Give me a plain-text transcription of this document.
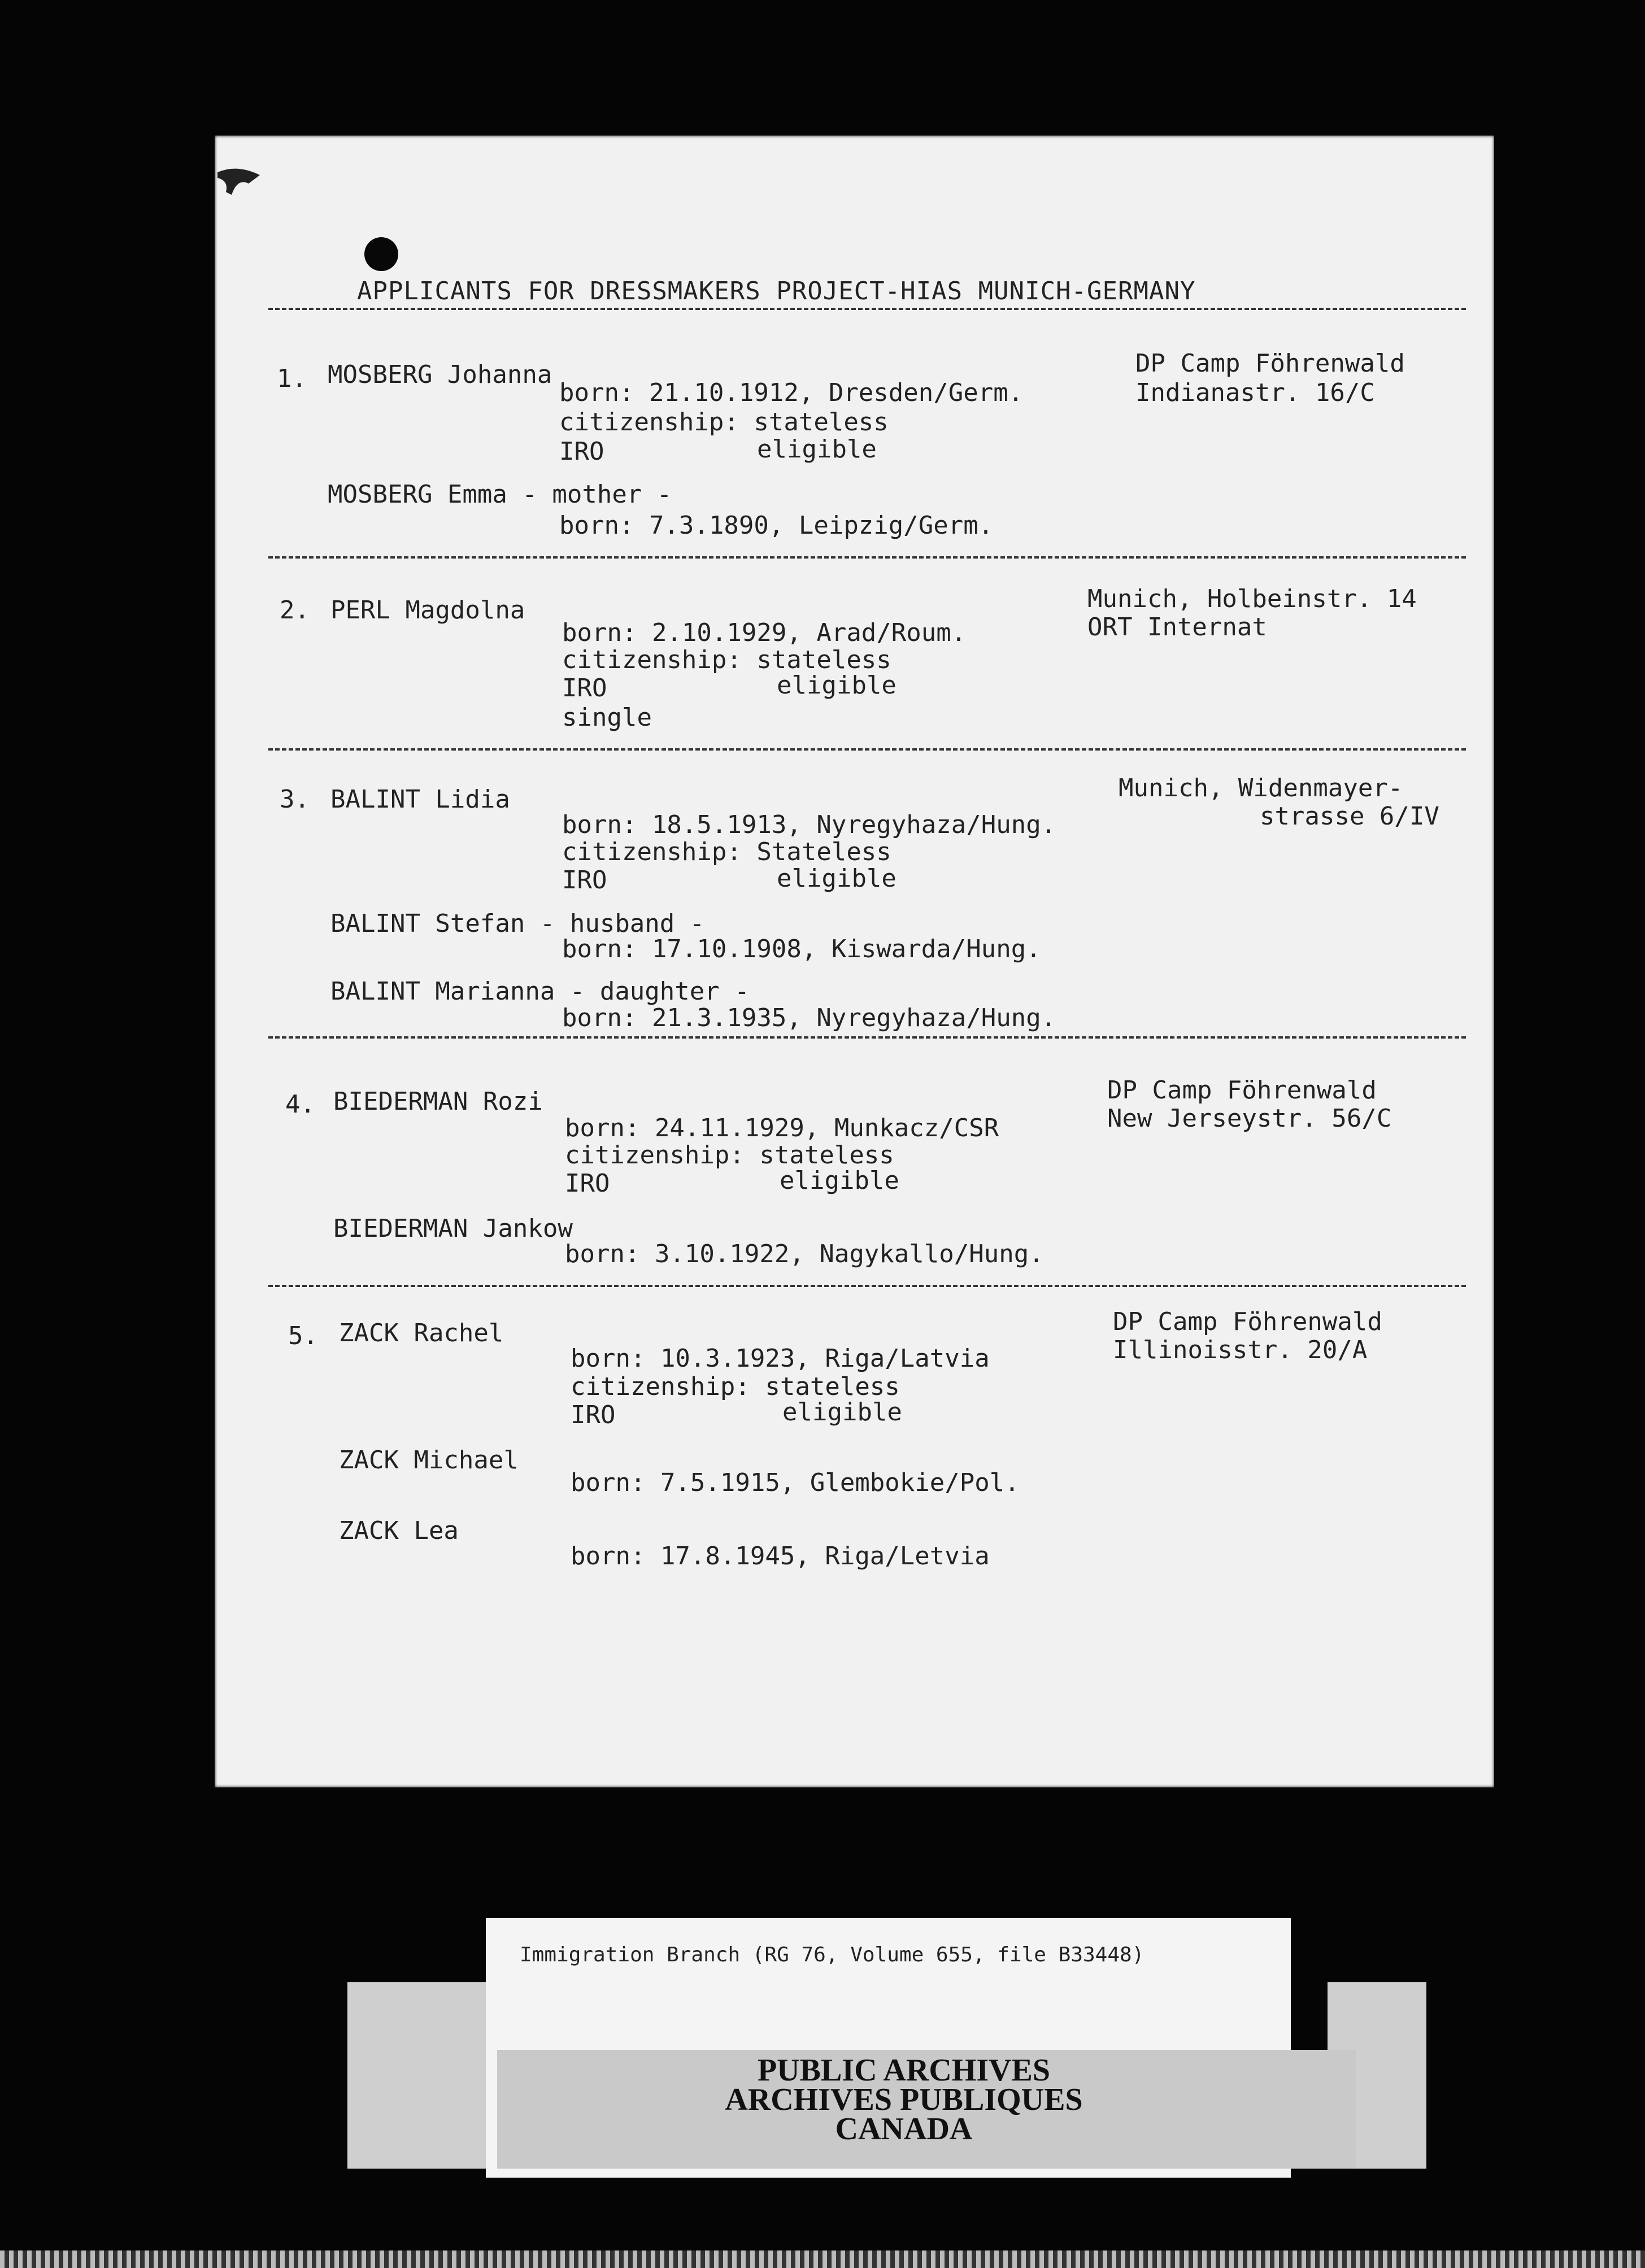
APPLICANTS FOR DRESSMAKERS PROJECT-HIAS MUNICH-GERMANY
1. MOSBERG Johanna
born: 21.10.1912, Dresden/Germ.
citizenship: stateless
IRO	eligible
DP Camp Föhrenwald
Indianastr. 16/C
MOSBERG Emma - mother -
born: 7.3.1890, Leipzig/Germ.
2. PERL Magdolna
born: 2.10.1929, Arad/Roum.
citizenship: stateless
IRO	eligible
single
Munich, Holbeinstr. 14
ORT Internat
3. BALINT Lidia
born: 18.5.1913, Nyregyhaza/Hung.
citizenship: Stateless
IRO	eligible
Munich, Widenmayer-
strasse 6/IV
BALINT Stefan - husband -
born: 17.10.1908, Kiswarda/Hung.
BALINT Marianna - daughter -
born: 21.3.1935, Nyregyhaza/Hung.
4. BIEDERMAN Rozi
born: 24.11.1929, Munkacz/CSR
citizenship: stateless
IRO	eligible
DP Camp Föhrenwald
New Jerseystr. 56/C
BIEDERMAN Jankow
born: 3.10.1922, Nagykallo/Hung.
5. ZACK Rachel
born: 10.3.1923, Riga/Latvia
citizenship: stateless
IRO	eligible
DP Camp Föhrenwald
Illinoisstr. 20/A
ZACK Michael
born: 7.5.1915, Glembokie/Pol.
ZACK Lea
born: 17.8.1945, Riga/Letvia
Immigration Branch (RG 76, Volume 655, file B33448)
PUBLIC ARCHIVES
ARCHIVES PUBLIQUES
CANADA
